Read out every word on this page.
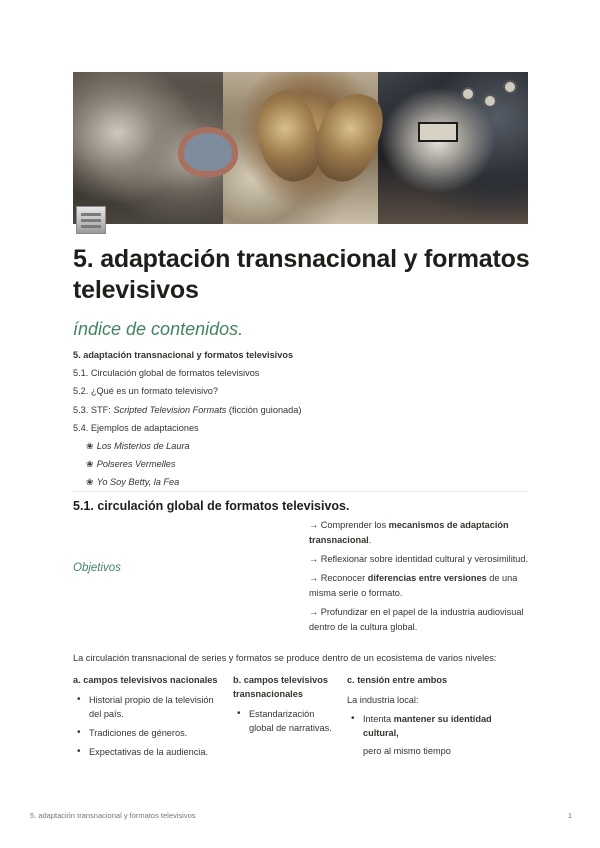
5. adaptación transnacional y formatos televisivos
índice de contenidos.
5. adaptación transnacional y formatos televisivos
5.1. Circulación global de formatos televisivos
5.2. ¿Qué es un formato televisivo?
5.3. STF: Scripted Television Formats (ficción guionada)
5.4. Ejemplos de adaptaciones
❀ Los Misterios de Laura
❀ Polseres Vermelles
❀ Yo Soy Betty, la Fea
5.1. circulación global de formatos televisivos.
Objetivos
→ Comprender los mecanismos de adaptación transnacional.
→ Reflexionar sobre identidad cultural y verosimilitud.
→ Reconocer diferencias entre versiones de una misma serie o formato.
→ Profundizar en el papel de la industria audiovisual dentro de la cultura global.
La circulación transnacional de series y formatos se produce dentro de un ecosistema de varios niveles:
a. campos televisivos nacionales
• Historial propio de la televisión del país.
• Tradiciones de géneros.
• Expectativas de la audiencia.
b. campos televisivos transnacionales
• Estandarización global de narrativas.
c. tensión entre ambos
La industria local:
• Intenta mantener su identidad cultural,
pero al mismo tiempo
5. adaptación transnacional y formatos televisivos	1
